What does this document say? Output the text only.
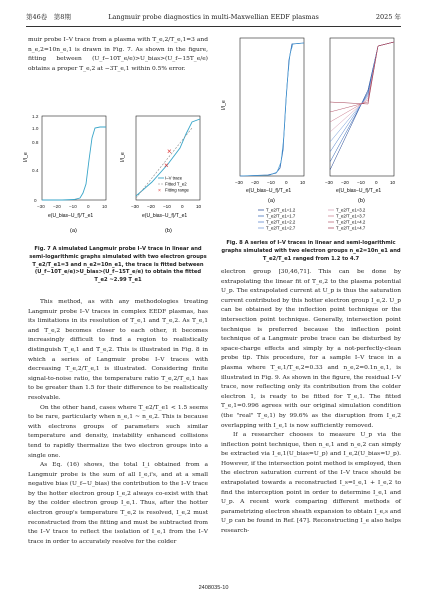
第46卷　第8期	Langmuir probe diagnostics in multi-Maxwellian EEDF plasmas	2025 年

muir probe I–V trace from a plasma with T_e,2/T_e,1=3 and n_e,2=10n_e,1 is drawn in Fig. 7. As shown in the figure, fitting between (U_f−10T_e/e)>U_bias>(U_f−15T_e/e) obtains a proper T_e,2 at −3T_e,1 within 0.5% error.

I/I_e
e(U_bias−U_f)/T_e1
0
0.4
0.8
1.0
1.2
−30 −20 −10 0	10
(a)
×
×
I–V trace
Fitted T_e2
× Fitting range
I/I_e
e(U_bias−U_f)/T_e1
−30 −20 −10 0	10
(b)
Fig. 7 A simulated Langmuir probe I–V trace in linear and semi-logarithmic graphs simulated with two electron groups T_e2/T_e1=3 and n_e2=10n_e1, the trace is fitted between (U_f−10T_e/e)>U_bias>(U_f−15T_e/e) to obtain the fitted T_e2 ~2.99 T_e1

This method, as with any methodologies treating Langmuir probe I–V traces in complex EEDF plasmas, has its limitations in its resolution of T_e,1 and T_e,2. As T_e,1 and T_e,2 becomes closer to each other, it becomes increasingly difficult to find a region to realistically distinguish T_e,1 and T_e,2. This is illustrated in Fig. 8 in which a series of Langmuir probe I–V traces with decreasing T_e,2/T_e,1 is illustrated. Considering finite signal-to-noise ratio, the temperature ratio T_e,2/T_e,1 has to be greater than 1.5 for their difference to be realistically resolvable.

On the other hand, cases where T_e2/T_e1 < 1.5 seems to be rare, particularly when n_e,1 ~ n_e,2. This is because with electrons groups of parameters such similar temperature and density, instability enhanced collisions tend to rapidly thermalize the two electron groups into a single one.

As Eq. (16) shows, the total I_i obtained from a Langmuir probe is the sum of all I_e,i's, and at a small negative bias (U_f−U_bias) the contribution to the I–V trace by the hotter electron group I_e,2 always co-exist with that by the colder electron group I_e,1. Thus, after the hotter electron group's temperature T_e,2 is resolved, I_e,2 must reconstructed from the fitting and must be subtracted from the I–V trace to reflect the isolation of I_e,1 from the I–V trace in order to accurately resolve for the colder

I/I_e
−30 −20 −10 0	10
e(U_bias−U_f)/T_e1
−30 −20 −10 0	10
e(U_bias−U_f)/T_e1
(a)	(b)
T_e2/T_e1=1.2
T_e2/T_e1=1.7
T_e2/T_e1=2.2
T_e2/T_e1=2.7
T_e2/T_e1=3.2
T_e2/T_e1=3.7
T_e2/T_e1=4.2
T_e2/T_e1=4.7
Fig. 8 A series of I–V traces in linear and semi-logarithmic graphs simulated with two electron groups n_e2=10n_e1 and T_e2/T_e1 ranged from 1.2 to 4.7

electron group [30,46,71]. This can be done by extrapolating the linear fit of T_e,2 to the plasma potential U_p. The extrapolated current at U_p is thus the saturation current contributed by this hotter electron group I_e,2. U_p can be obtained by the inflection point technique or the intersection point technique. Generally, intersection point technique is preferred because the inflection point technique of a Langmuir probe trace can be disturbed by space-charge effects and simply by a not-perfectly-clean probe tip. This procedure, for a sample I–V trace in a plasma where T_e,1/T_e,2=0.33 and n_e,2=0.1n_e,1, is illustrated in Fig. 9. As shown in the figure, the residual I–V trace, now reflecting only its contribution from the colder electron 1, is ready to be fitted for T_e,1. The fitted T_e,1=0.996 agrees with our original simulation condition (the "real" T_e,1) by 99.6% as the disruption from I_e,2 overlapping with I_e,1 is now sufficiently removed.

If a researcher chooses to measure U_p via the inflection point technique, then n_e,1 and n_e,2 can simply be extracted via I_e,1(U_bias=U_p) and I_e,2(U_bias=U_p). However, if the intersection point method is employed, then the electron saturation current of the I–V trace should be extrapolated towards a reconstructed I_s=I_e,1 + I_e,2 to find the interception point in order to determine I_e,1 and U_p. A recent work comparing different methods of parametrizing electron sheath expansion to obtain I_e,s and U_p can be found in Ref. [47]. Reconstructing I_e also helps research-

2408035-10
